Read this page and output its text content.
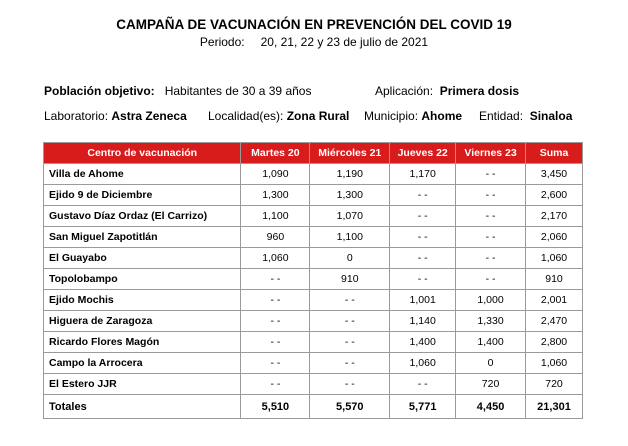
CAMPAÑA DE VACUNACIÓN EN PREVENCIÓN DEL COVID 19
Periodo: 20, 21, 22 y 23 de julio de 2021
Población objetivo: Habitantes de 30 a 39 años	Aplicación: Primera dosis
Laboratorio: Astra Zeneca Localidad(es): Zona Rural Municipio: Ahome Entidad: Sinaloa
Centro de vacunación	Martes 20	Miércoles 21	Jueves 22	Viernes 23	Suma
Villa de Ahome	1,090	1,190	1,170	- -	3,450
Ejido 9 de Diciembre	1,300	1,300	- -	- -	2,600
Gustavo Díaz Ordaz (El Carrizo)	1,100	1,070	- -	- -	2,170
San Miguel Zapotitlán	960	1,100	- -	- -	2,060
El Guayabo	1,060	0	- -	- -	1,060
Topolobampo	- -	910	- -	- -	910
Ejido Mochis	- -	- -	1,001	1,000	2,001
Higuera de Zaragoza	- -	- -	1,140	1,330	2,470
Ricardo Flores Magón	- -	- -	1,400	1,400	2,800
Campo la Arrocera	- -	- -	1,060	0	1,060
El Estero JJR	- -	- -	- -	720	720
Totales	5,510	5,570	5,771	4,450	21,301
